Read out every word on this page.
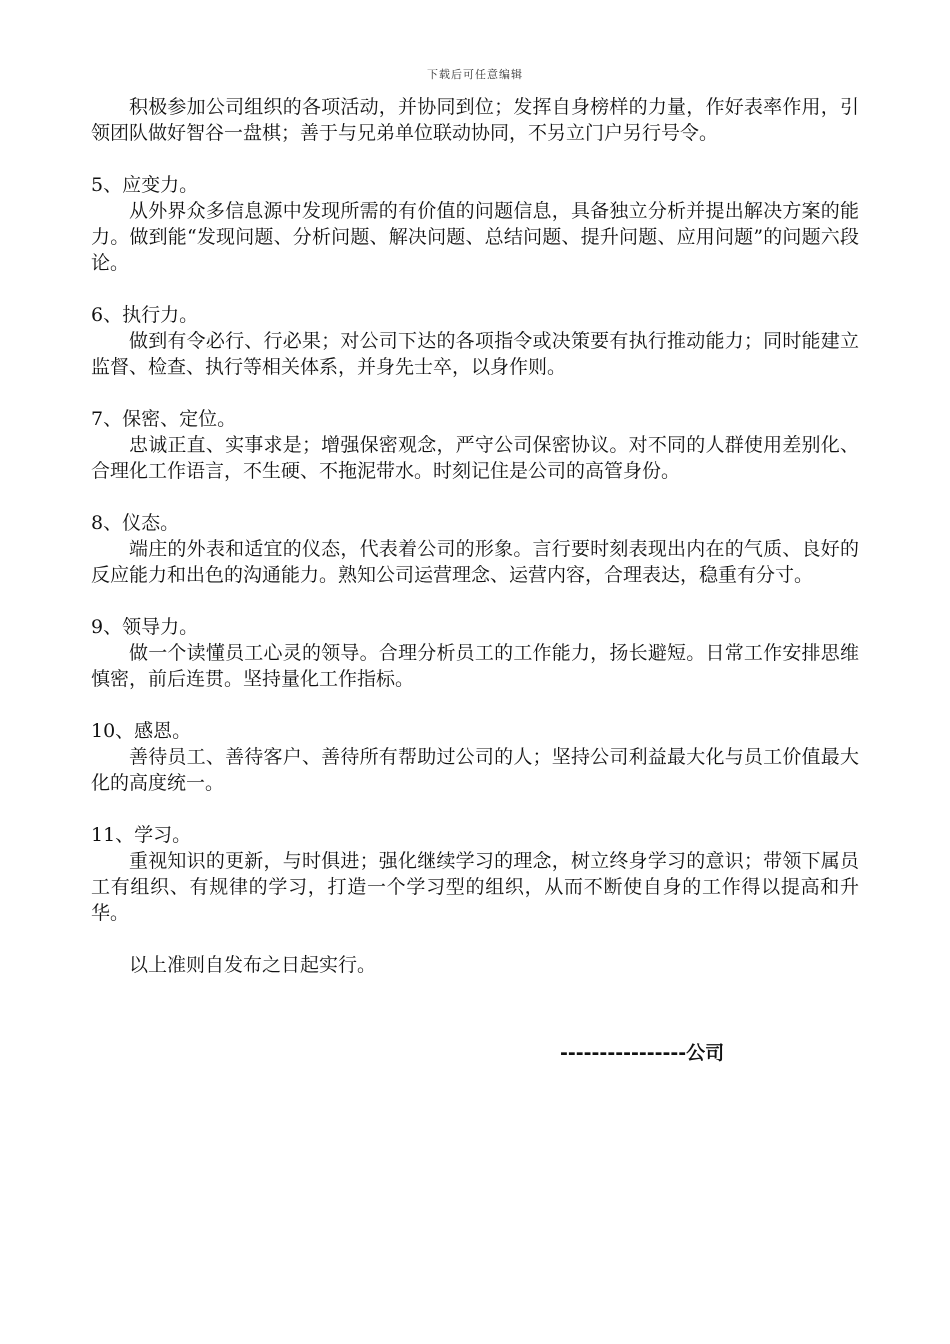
下载后可任意编辑

积极参加公司组织的各项活动，并协同到位；发挥自身榜样的力量，作好表率作用，引领团队做好智谷一盘棋；善于与兄弟单位联动协同，不另立门户另行号令。

5、应变力。

从外界众多信息源中发现所需的有价值的问题信息，具备独立分析并提出解决方案的能力。做到能“发现问题、分析问题、解决问题、总结问题、提升问题、应用问题”的问题六段论。

6、执行力。

做到有令必行、行必果；对公司下达的各项指令或决策要有执行推动能力；同时能建立监督、检查、执行等相关体系，并身先士卒，以身作则。

7、保密、定位。

忠诚正直、实事求是；增强保密观念，严守公司保密协议。对不同的人群使用差别化、合理化工作语言，不生硬、不拖泥带水。时刻记住是公司的高管身份。

8、仪态。

端庄的外表和适宜的仪态，代表着公司的形象。言行要时刻表现出内在的气质、良好的反应能力和出色的沟通能力。熟知公司运营理念、运营内容，合理表达，稳重有分寸。

9、领导力。

做一个读懂员工心灵的领导。合理分析员工的工作能力，扬长避短。日常工作安排思维慎密，前后连贯。坚持量化工作指标。

10、感恩。

善待员工、善待客户、善待所有帮助过公司的人；坚持公司利益最大化与员工价值最大化的高度统一。

11、学习。

重视知识的更新，与时俱进；强化继续学习的理念，树立终身学习的意识；带领下属员工有组织、有规律的学习，打造一个学习型的组织，从而不断使自身的工作得以提高和升华。

以上准则自发布之日起实行。

----------------公司
